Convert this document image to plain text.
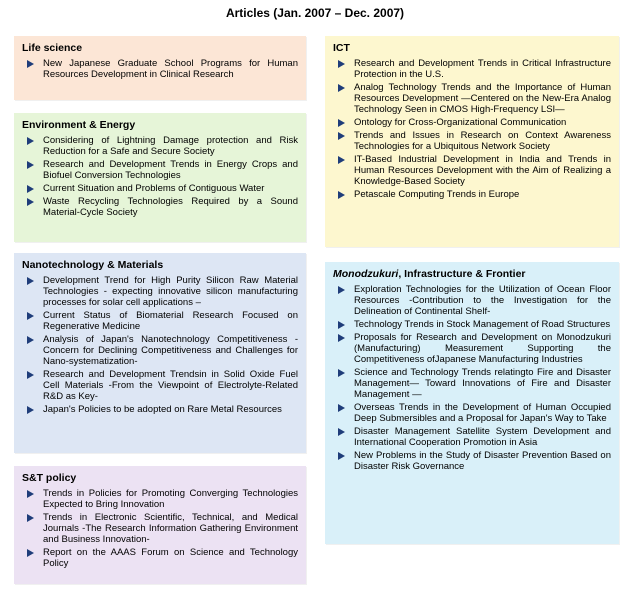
Articles (Jan. 2007 – Dec. 2007)
Life science
New Japanese Graduate School Programs for Human Resources Development in Clinical Research
Environment & Energy
Considering of Lightning Damage protection and Risk Reduction for a Safe and Secure Society
Research and Development Trends in Energy Crops and Biofuel Conversion Technologies
Current Situation and Problems of Contiguous Water
Waste Recycling Technologies Required by a Sound Material-Cycle Society
Nanotechnology & Materials
Development Trend for High Purity Silicon Raw Material Technologies - expecting innovative silicon manufacturing processes for solar cell applications –
Current Status of Biomaterial Research Focused on Regenerative Medicine
Analysis of Japan's Nanotechnology Competitiveness -Concern for Declining Competitiveness and Challenges for Nano-systematization-
Research and Development Trendsin in Solid Oxide Fuel Cell Materials -From the Viewpoint of Electrolyte-Related R&D as Key-
Japan's Policies to be adopted on Rare Metal Resources
S&T policy
Trends in Policies for Promoting Converging Technologies Expected to Bring Innovation
Trends in Electronic Scientific, Technical, and Medical Journals -The Research Information Gathering Environment and Business Innovation-
Report on the AAAS Forum on Science and Technology Policy
ICT
Research and Development Trends in Critical Infrastructure Protection in the U.S.
Analog Technology Trends and the Importance of Human Resources Development —Centered on the New-Era Analog Technology Seen in CMOS High-Frequency LSI—
Ontology for Cross-Organizational Communication
Trends and Issues in Research on Context Awareness Technologies for a Ubiquitous Network Society
IT-Based Industrial Development in India and Trends in Human Resources Development with the Aim of Realizing a Knowledge-Based Society
Petascale Computing Trends in Europe
Monodzukuri, Infrastructure & Frontier
Exploration Technologies for the Utilization of Ocean Floor Resources -Contribution to the Investigation for the Delineation of Continental Shelf-
Technology Trends in Stock Management of Road Structures
Proposals for Research and Development on Monodzukuri (Manufacturing) Measurement Supporting the Competitiveness ofJapanese Manufacturing Industries
Science and Technology Trends relatingto Fire and Disaster Management— Toward Innovations of Fire and Disaster Management —
Overseas Trends in the Development of Human Occupied Deep Submersibles and a Proposal for Japan's Way to Take
Disaster Management Satellite System Development and International Cooperation Promotion in Asia
New Problems in the Study of Disaster Prevention Based on Disaster Risk Governance
